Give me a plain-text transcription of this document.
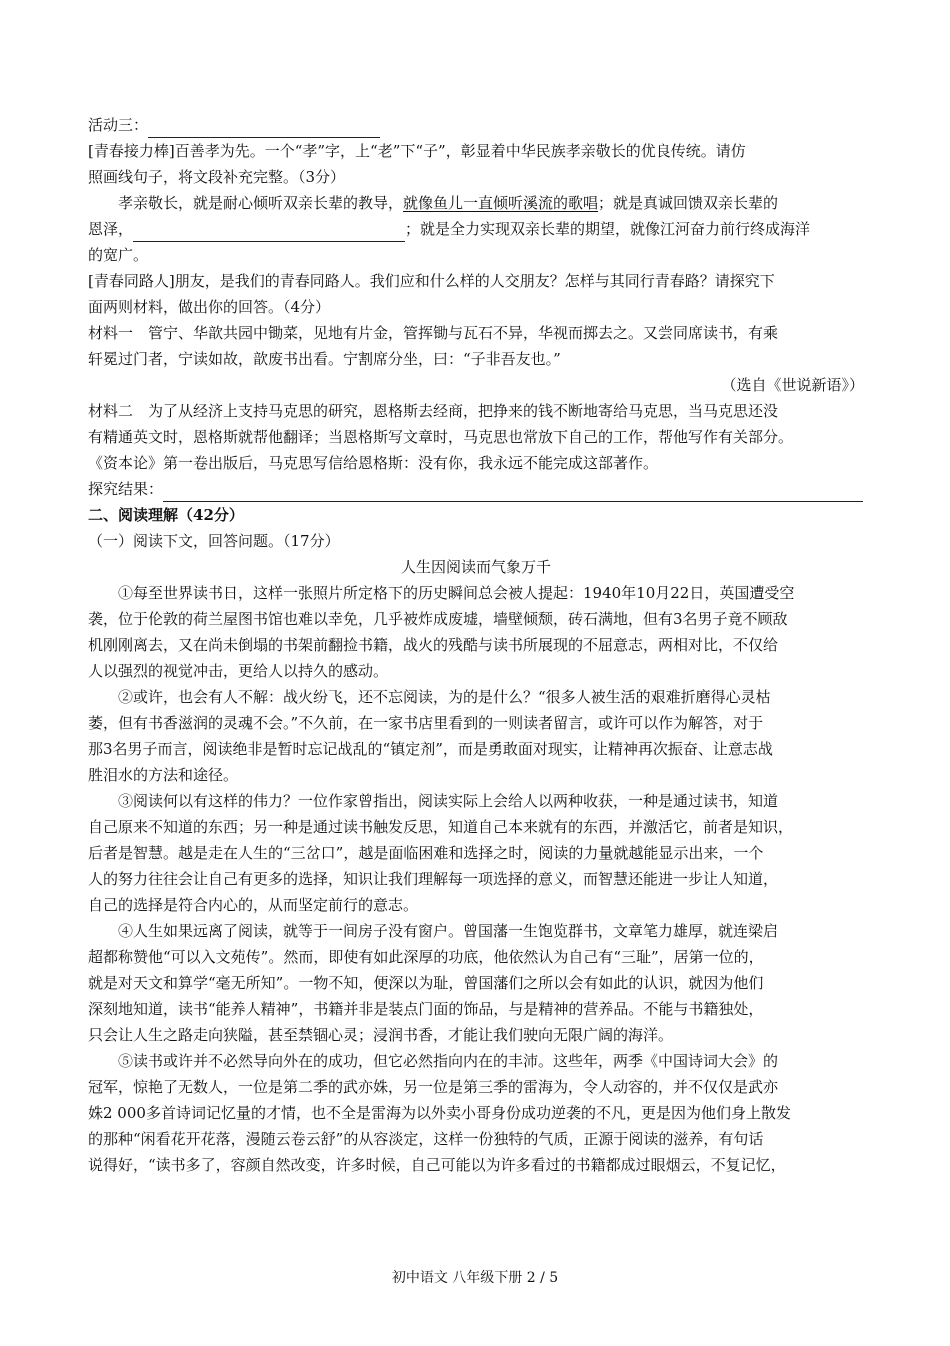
活动三：

[青春接力棒]百善孝为先。一个“孝”字，上“老”下“子”，彰显着中华民族孝亲敬长的优良传统。请仿

照画线句子，将文段补充完整。（3分）

孝亲敬长，就是耐心倾听双亲长辈的教导，就像鱼儿一直倾听溪流的歌唱；就是真诚回馈双亲长辈的

恩泽，	；就是全力实现双亲长辈的期望，就像江河奋力前行终成海洋

的宽广。

[青春同路人]朋友，是我们的青春同路人。我们应和什么样的人交朋友？怎样与其同行青春路？请探究下

面两则材料，做出你的回答。（4分）

材料一　管宁、华歆共园中锄菜，见地有片金，管挥锄与瓦石不异，华视而掷去之。又尝同席读书，有乘

轩冕过门者，宁读如故，歆废书出看。宁割席分坐，曰：“子非吾友也。”

（选自《世说新语》）

材料二　为了从经济上支持马克思的研究，恩格斯去经商，把挣来的钱不断地寄给马克思，当马克思还没

有精通英文时，恩格斯就帮他翻译；当恩格斯写文章时，马克思也常放下自己的工作，帮他写作有关部分。

《资本论》第一卷出版后，马克思写信给恩格斯：没有你，我永远不能完成这部著作。

探究结果：

二、阅读理解（42分）

（一）阅读下文，回答问题。（17分）

人生因阅读而气象万千

①每至世界读书日，这样一张照片所定格下的历史瞬间总会被人提起：1940年10月22日，英国遭受空

袭，位于伦敦的荷兰屋图书馆也难以幸免，几乎被炸成废墟，墙壁倾颓，砖石满地，但有3名男子竟不顾敌

机刚刚离去，又在尚未倒塌的书架前翻捡书籍，战火的残酷与读书所展现的不屈意志，两相对比，不仅给

人以强烈的视觉冲击，更给人以持久的感动。

②或许，也会有人不解：战火纷飞，还不忘阅读，为的是什么？“很多人被生活的艰难折磨得心灵枯

萎，但有书香滋润的灵魂不会。”不久前，在一家书店里看到的一则读者留言，或许可以作为解答，对于

那3名男子而言，阅读绝非是暂时忘记战乱的“镇定剂”，而是勇敢面对现实，让精神再次振奋、让意志战

胜泪水的方法和途径。

③阅读何以有这样的伟力？一位作家曾指出，阅读实际上会给人以两种收获，一种是通过读书，知道

自己原来不知道的东西；另一种是通过读书触发反思，知道自己本来就有的东西，并激活它，前者是知识，

后者是智慧。越是走在人生的“三岔口”，越是面临困难和选择之时，阅读的力量就越能显示出来，一个

人的努力往往会让自己有更多的选择，知识让我们理解每一项选择的意义，而智慧还能进一步让人知道，

自己的选择是符合内心的，从而坚定前行的意志。

④人生如果远离了阅读，就等于一间房子没有窗户。曾国藩一生饱览群书，文章笔力雄厚，就连梁启

超都称赞他“可以入文苑传”。然而，即使有如此深厚的功底，他依然认为自己有“三耻”，居第一位的，

就是对天文和算学“毫无所知”。一物不知，便深以为耻，曾国藩们之所以会有如此的认识，就因为他们

深刻地知道，读书“能养人精神”，书籍并非是装点门面的饰品，与是精神的营养品。不能与书籍独处，

只会让人生之路走向狭隘，甚至禁锢心灵；浸润书香，才能让我们驶向无限广阔的海洋。

⑤读书或许并不必然导向外在的成功，但它必然指向内在的丰沛。这些年，两季《中国诗词大会》的

冠军，惊艳了无数人，一位是第二季的武亦姝，另一位是第三季的雷海为，令人动容的，并不仅仅是武亦

姝2 000多首诗词记忆量的才情，也不全是雷海为以外卖小哥身份成功逆袭的不凡，更是因为他们身上散发

的那种“闲看花开花落，漫随云卷云舒”的从容淡定，这样一份独特的气质，正源于阅读的滋养，有句话

说得好，“读书多了，容颜自然改变，许多时候，自己可能以为许多看过的书籍都成过眼烟云，不复记忆，

初中语文 八年级下册 2 / 5
